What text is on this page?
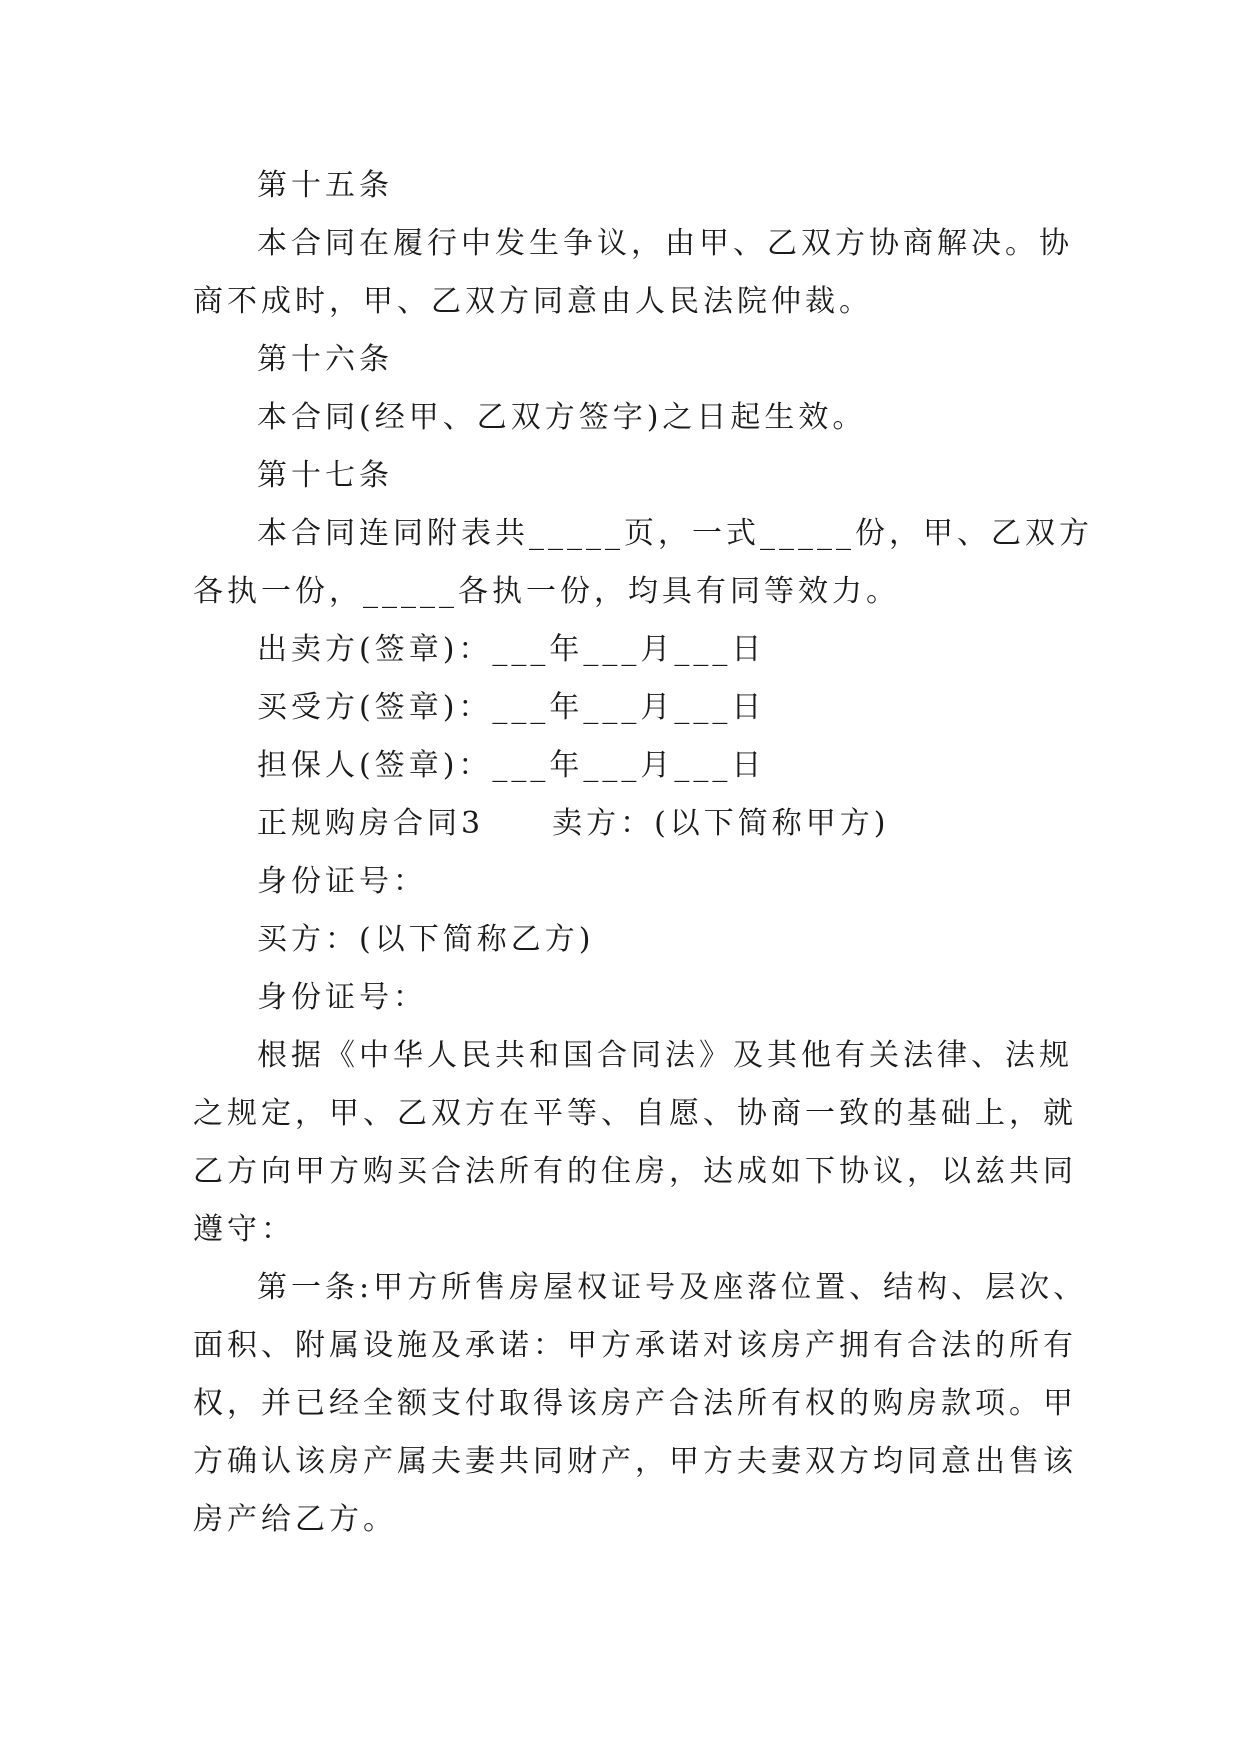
第十五条
本合同在履行中发生争议，由甲、乙双方协商解决。协
商不成时，甲、乙双方同意由人民法院仲裁。
第十六条
本合同(经甲、乙双方签字)之日起生效。
第十七条
本合同连同附表共_____页，一式_____份，甲、乙双方
各执一份，_____各执一份，均具有同等效力。
出卖方(签章)：___年___月___日
买受方(签章)：___年___月___日
担保人(签章)：___年___月___日
正规购房合同3　　卖方：(以下简称甲方)
身份证号：
买方：(以下简称乙方)
身份证号：
根据《中华人民共和国合同法》及其他有关法律、法规
之规定，甲、乙双方在平等、自愿、协商一致的基础上，就
乙方向甲方购买合法所有的住房，达成如下协议，以兹共同
遵守：
第一条:甲方所售房屋权证号及座落位置、结构、层次、
面积、附属设施及承诺：甲方承诺对该房产拥有合法的所有
权，并已经全额支付取得该房产合法所有权的购房款项。甲
方确认该房产属夫妻共同财产，甲方夫妻双方均同意出售该
房产给乙方。
